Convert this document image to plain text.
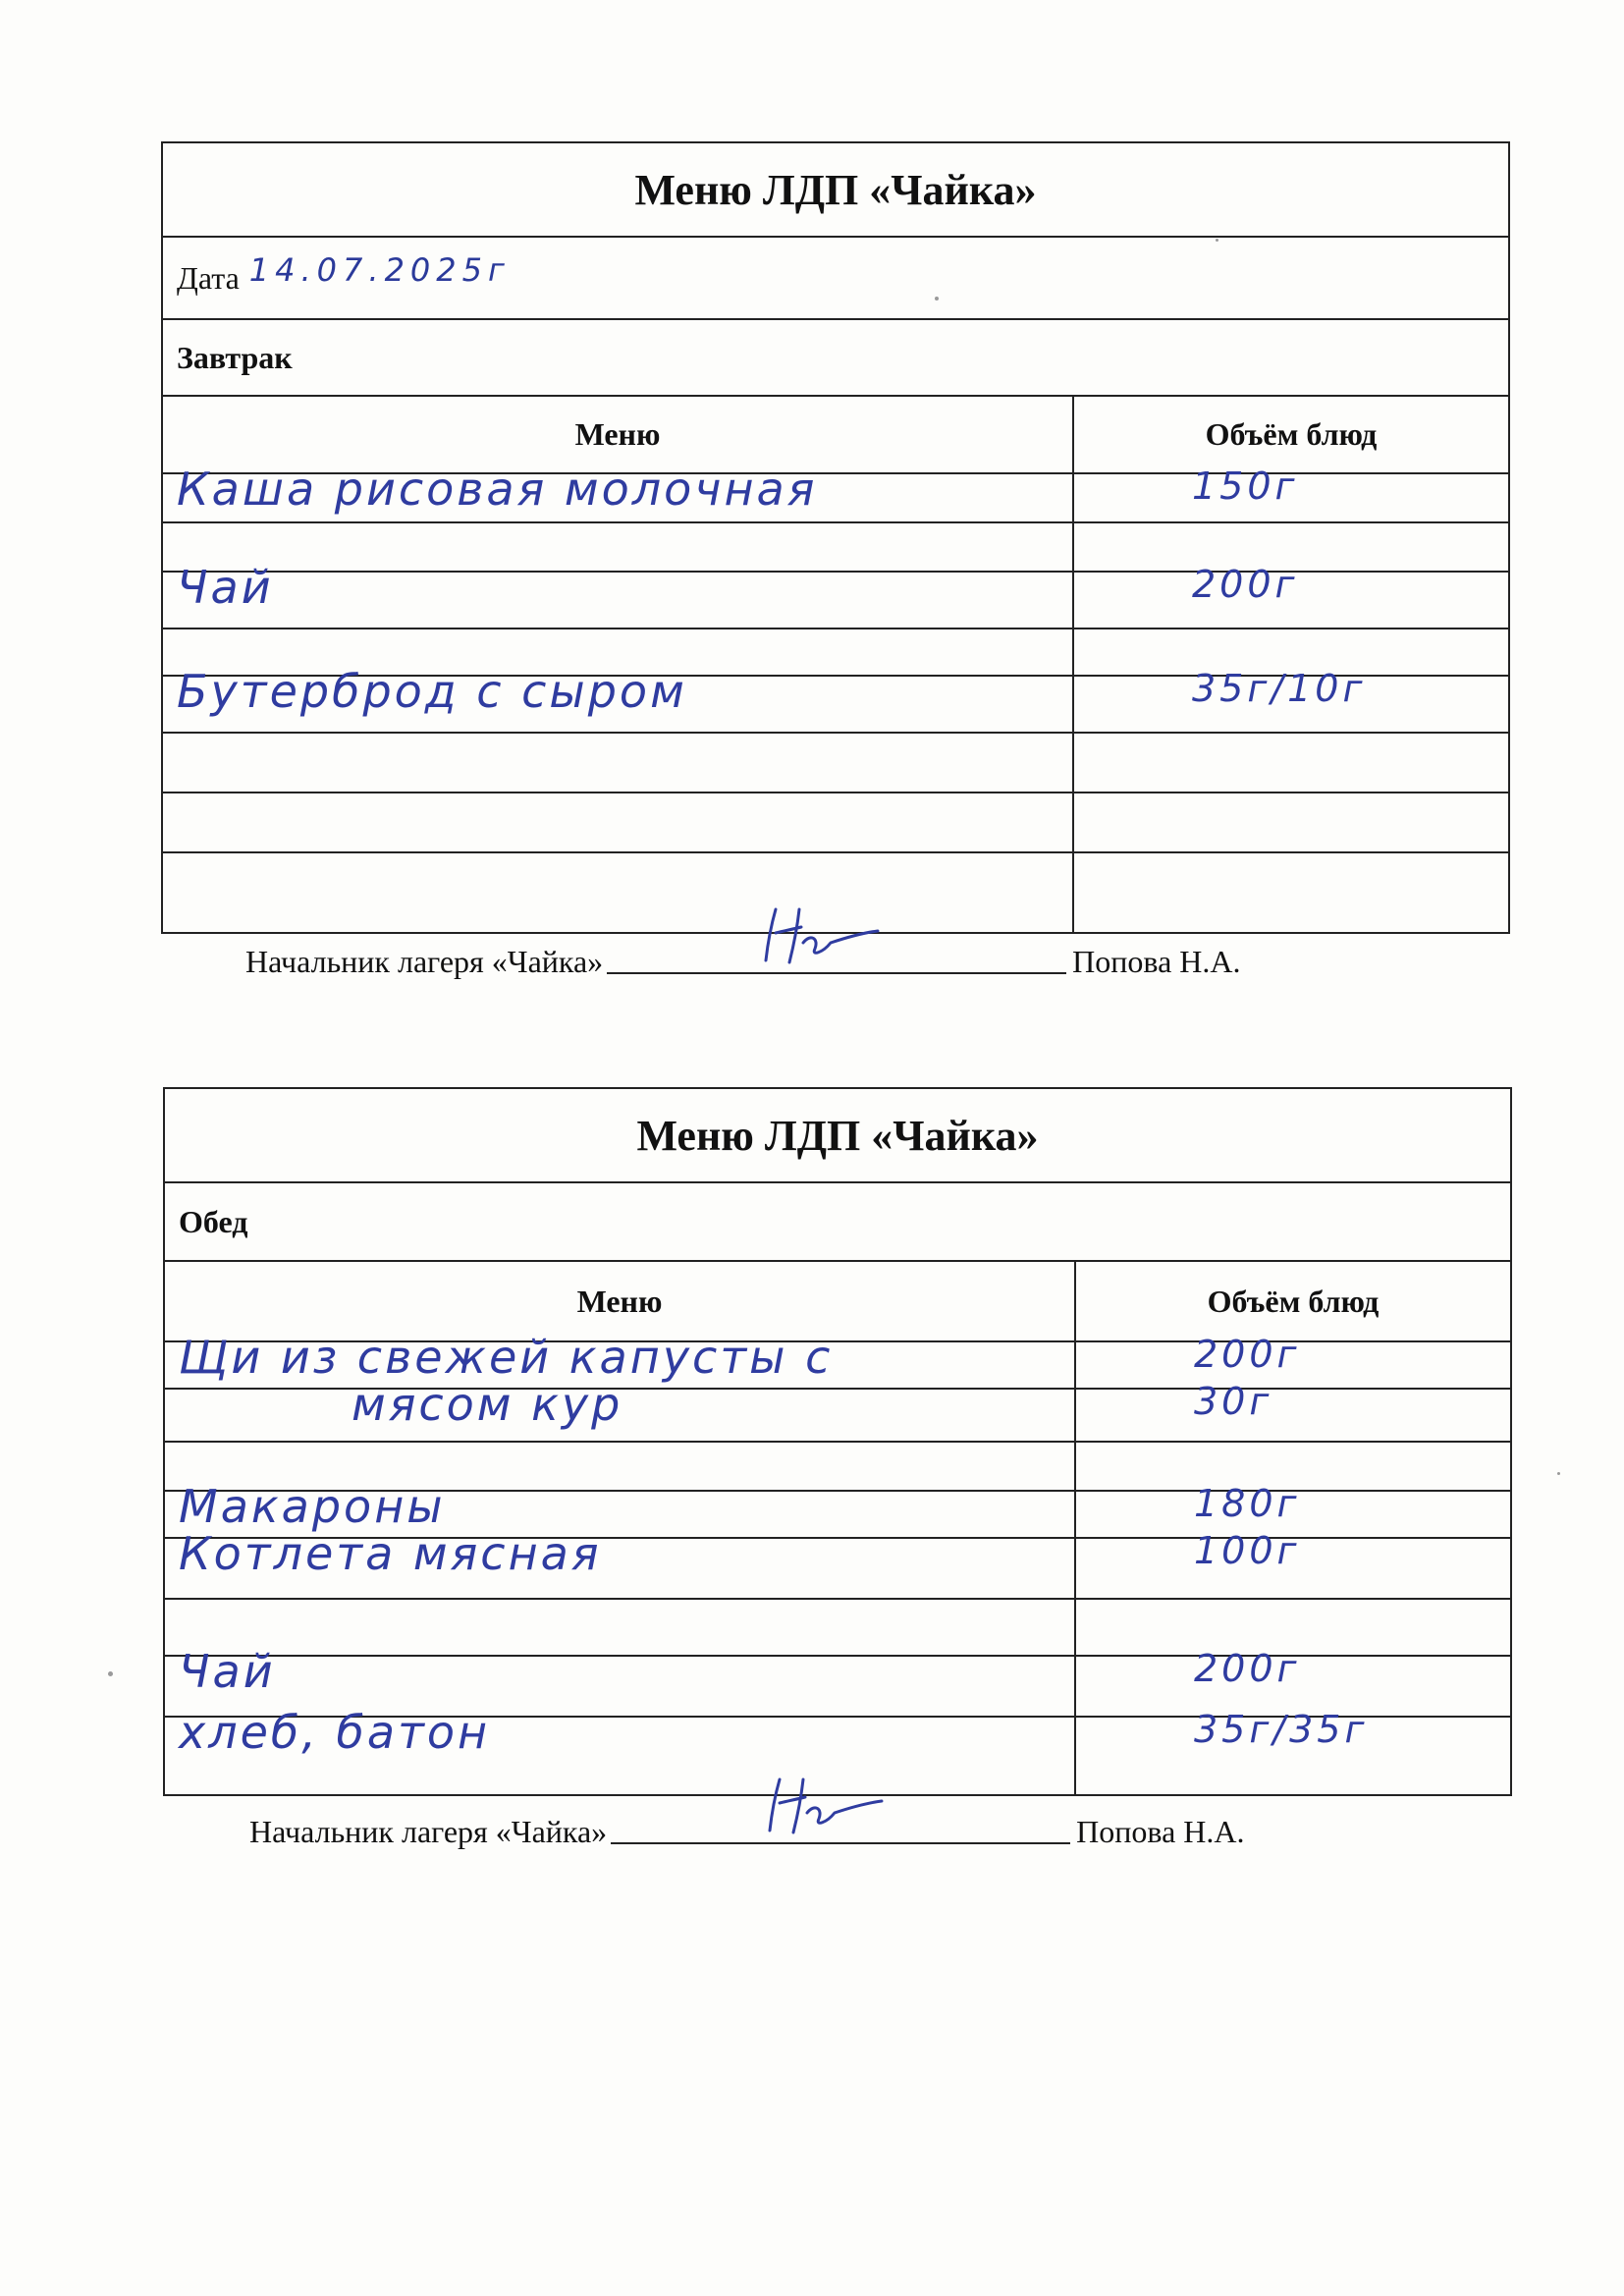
Меню ЛДП «Чайка»
Дата 14.07.2025г
Завтрак
Меню	Объём блюд
Каша рисовая молочная	150г
Чай	200г
Бутерброд с сыром	35г/10г
Начальник лагеря «Чайка»	Попова Н.А.
Меню ЛДП «Чайка»
Обед
Меню	Объём блюд
Щи из свежей капусты с	200г
мясом кур	30г
Макароны	180г
Котлета мясная	100г
Чай	200г
хлеб, батон	35г/35г
Начальник лагеря «Чайка»	Попова Н.А.
